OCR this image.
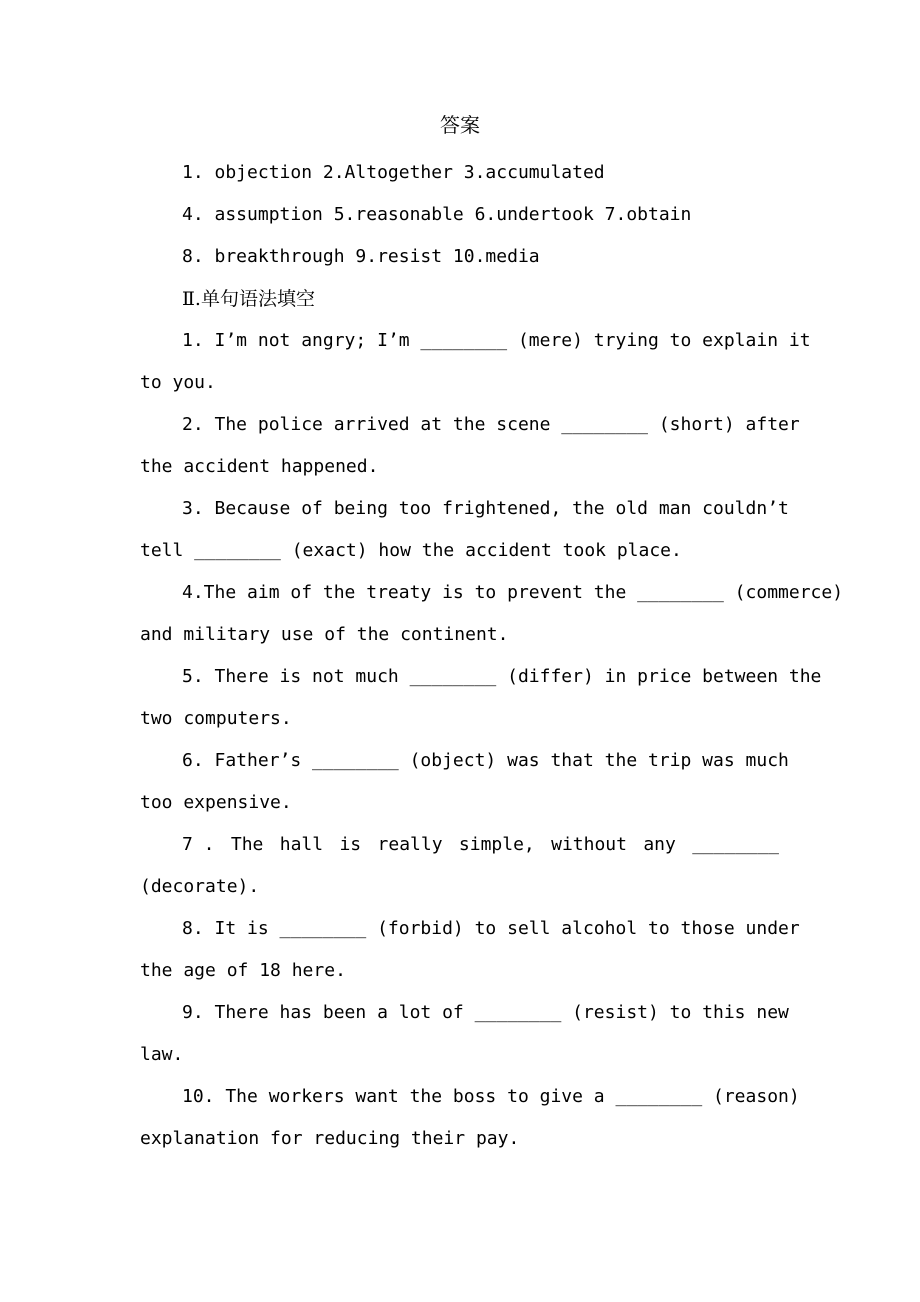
答案
1. objection 2.Altogether 3.accumulated
4. assumption 5.reasonable 6.undertook 7.obtain
8. breakthrough 9.resist 10.media
Ⅱ.单句语法填空
1. I’m not angry; I’m ________ (mere) trying to explain it
to you.
2. The police arrived at the scene ________ (short) after
the accident happened.
3. Because of being too frightened, the old man couldn’t
tell ________ (exact) how the accident took place.
4.The aim of the treaty is to prevent the ________ (commerce)
and military use of the continent.
5. There is not much ________ (differ) in price between the
two computers.
6. Father’s ________ (object) was that the trip was much
too expensive.
7 . The hall is really simple, without any ________
(decorate).
8. It is ________ (forbid) to sell alcohol to those under
the age of 18 here.
9. There has been a lot of ________ (resist) to this new
law.
10. The workers want the boss to give a ________ (reason)
explanation for reducing their pay.
